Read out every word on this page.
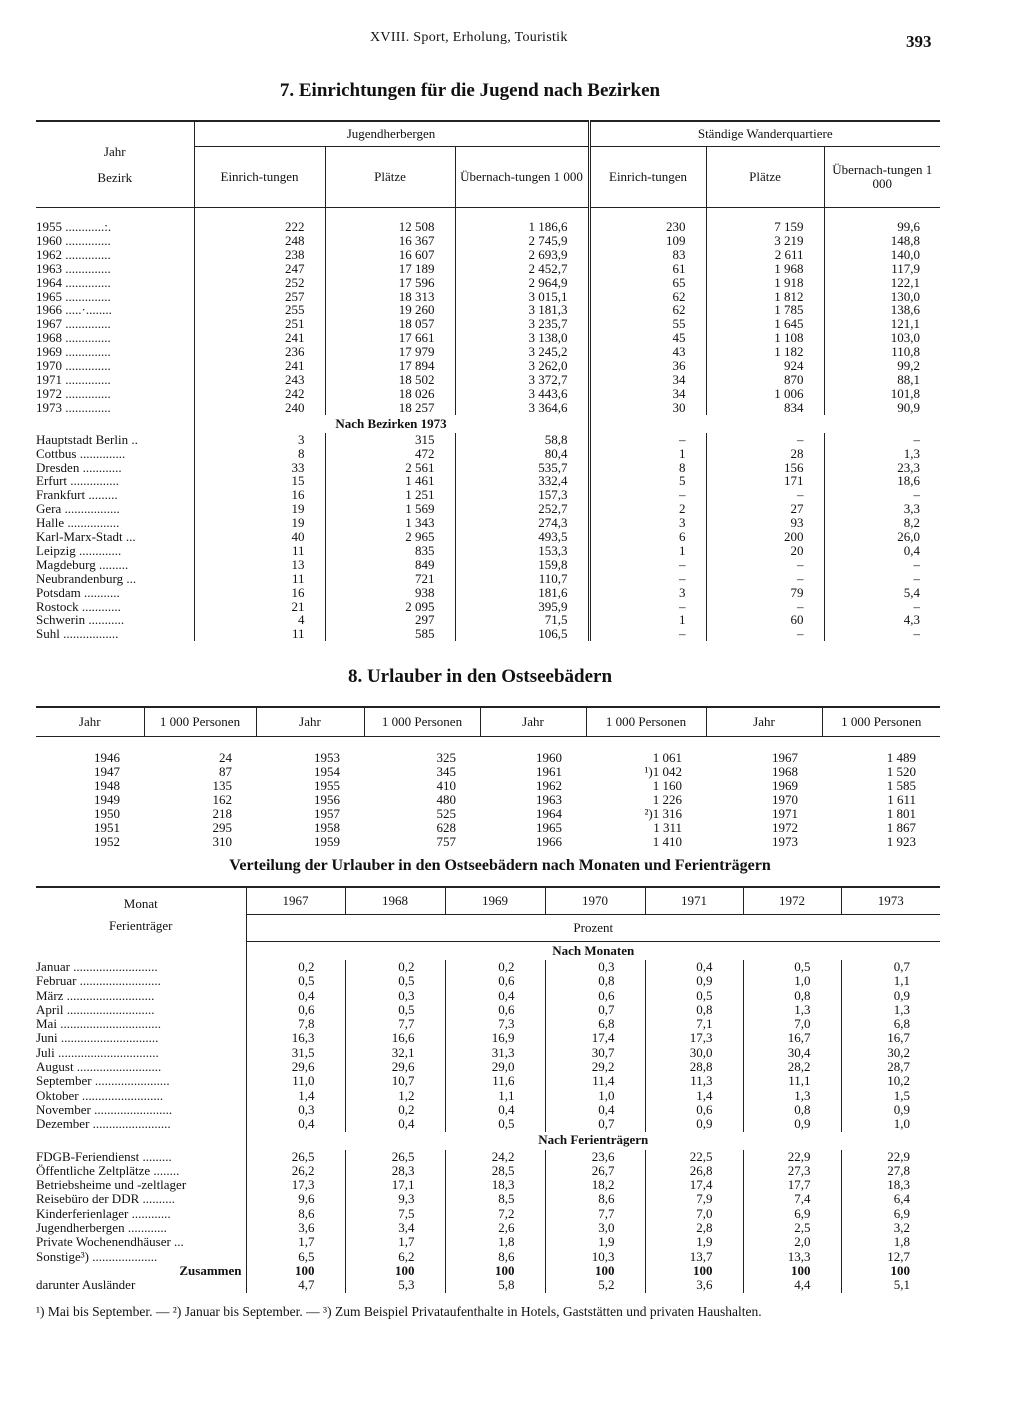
XVIII. Sport, Erholung, Touristik	393
7. Einrichtungen für die Jugend nach Bezirken
Jahr
Bezirk	Jugendherbergen			Ständige Wanderquartiere		
	Einrich-tungen	Plätze	Übernach-tungen 1 000	Einrich-tungen	Plätze	Übernach-tungen 1 000

1955 ............:.	222	12 508	1 186,6	230	7 159	99,6
1960 ..............	248	16 367	2 745,9	109	3 219	148,8
1962 ..............	238	16 607	2 693,9	83	2 611	140,0
1963 ..............	247	17 189	2 452,7	61	1 968	117,9
1964 ..............	252	17 596	2 964,9	65	1 918	122,1
1965 ..............	257	18 313	3 015,1	62	1 812	130,0
1966 .....·........	255	19 260	3 181,3	62	1 785	138,6
1967 ..............	251	18 057	3 235,7	55	1 645	121,1
1968 ..............	241	17 661	3 138,0	45	1 108	103,0
1969 ..............	236	17 979	3 245,2	43	1 182	110,8
1970 ..............	241	17 894	3 262,0	36	924	99,2
1971 ..............	243	18 502	3 372,7	34	870	88,1
1972 ..............	242	18 026	3 443,6	34	1 006	101,8
1973 ..............	240	18 257	3 364,6	30	834	90,9
	Nach Bezirken 1973					
Hauptstadt Berlin ..	3	315	58,8	–	–	–
Cottbus ..............	8	472	80,4	1	28	1,3
Dresden ............	33	2 561	535,7	8	156	23,3
Erfurt ...............	15	1 461	332,4	5	171	18,6
Frankfurt .........	16	1 251	157,3	–	–	–
Gera .................	19	1 569	252,7	2	27	3,3
Halle ................	19	1 343	274,3	3	93	8,2
Karl-Marx-Stadt ...	40	2 965	493,5	6	200	26,0
Leipzig .............	11	835	153,3	1	20	0,4
Magdeburg .........	13	849	159,8	–	–	–
Neubrandenburg ...	11	721	110,7	–	–	–
Potsdam ...........	16	938	181,6	3	79	5,4
Rostock ............	21	2 095	395,9	–	–	–
Schwerin ...........	4	297	71,5	1	60	4,3
Suhl .................	11	585	106,5	–	–	–
8. Urlauber in den Ostseebädern
Jahr	1 000 Personen	Jahr	1 000 Personen	Jahr	1 000 Personen	Jahr	1 000 Personen

1946	24	1953	325	1960	1 061	1967	1 489
1947	87	1954	345	1961	¹)1 042	1968	1 520
1948	135	1955	410	1962	1 160	1969	1 585
1949	162	1956	480	1963	1 226	1970	1 611
1950	218	1957	525	1964	²)1 316	1971	1 801
1951	295	1958	628	1965	1 311	1972	1 867
1952	310	1959	757	1966	1 410	1973	1 923
Verteilung der Urlauber in den Ostseebädern nach Monaten und Ferienträgern
Monat
Ferienträger	1967	1968	1969	1970	1971	1972	1973
	Prozent						
	Nach Monaten						
Januar ..........................	0,2	0,2	0,2	0,3	0,4	0,5	0,7
Februar .........................	0,5	0,5	0,6	0,8	0,9	1,0	1,1
März ...........................	0,4	0,3	0,4	0,6	0,5	0,8	0,9
April ...........................	0,6	0,5	0,6	0,7	0,8	1,3	1,3
Mai ...............................	7,8	7,7	7,3	6,8	7,1	7,0	6,8
Juni ..............................	16,3	16,6	16,9	17,4	17,3	16,7	16,7
Juli ...............................	31,5	32,1	31,3	30,7	30,0	30,4	30,2
August ..........................	29,6	29,6	29,0	29,2	28,8	28,2	28,7
September .......................	11,0	10,7	11,6	11,4	11,3	11,1	10,2
Oktober .........................	1,4	1,2	1,1	1,0	1,4	1,3	1,5
November ........................	0,3	0,2	0,4	0,4	0,6	0,8	0,9
Dezember ........................	0,4	0,4	0,5	0,7	0,9	0,9	1,0
	Nach Ferienträgern						
FDGB-Feriendienst .........	26,5	26,5	24,2	23,6	22,5	22,9	22,9
Öffentliche Zeltplätze ........	26,2	28,3	28,5	26,7	26,8	27,3	27,8
Betriebsheime und -zeltlager	17,3	17,1	18,3	18,2	17,4	17,7	18,3
Reisebüro der DDR ..........	9,6	9,3	8,5	8,6	7,9	7,4	6,4
Kinderferienlager ............	8,6	7,5	7,2	7,7	7,0	6,9	6,9
Jugendherbergen ............	3,6	3,4	2,6	3,0	2,8	2,5	3,2
Private Wochenendhäuser ...	1,7	1,7	1,8	1,9	1,9	2,0	1,8
Sonstige³) ....................	6,5	6,2	8,6	10,3	13,7	13,3	12,7
Zusammen	100	100	100	100	100	100	100
darunter Ausländer	4,7	5,3	5,8	5,2	3,6	4,4	5,1
¹) Mai bis September. — ²) Januar bis September. — ³) Zum Beispiel Privataufenthalte in Hotels, Gaststätten und privaten Haushalten.
